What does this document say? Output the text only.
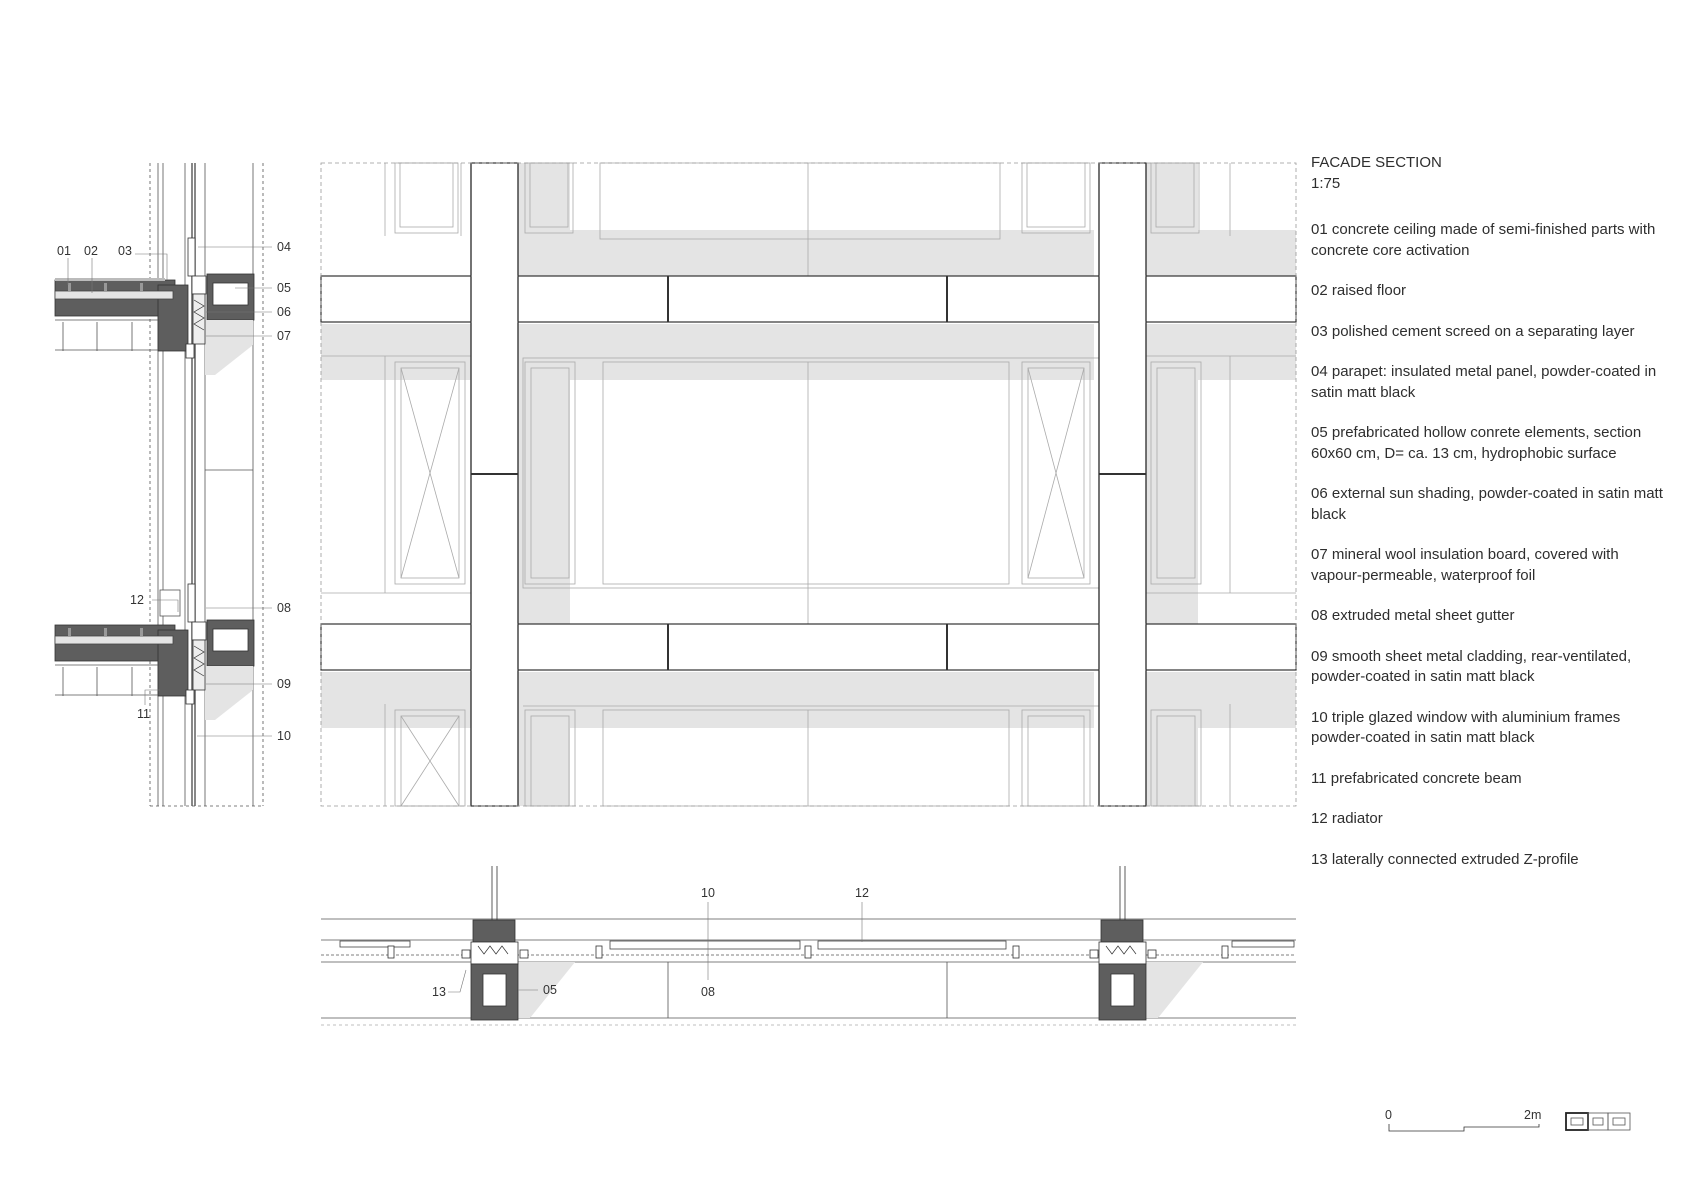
01 02 03	04
05
06
07
12
08
09
11
10
10	12
13	05	08
0	2m
FACADE SECTION
1:75
01 concrete ceiling made of semi-finished parts with concrete core activation
02 raised floor
03 polished cement screed on a separating layer
04 parapet: insulated metal panel, powder-coated in satin matt black
05 prefabricated hollow conrete elements, section 60x60 cm, D= ca. 13 cm, hydrophobic surface
06 external sun shading, powder-coated in satin matt black
07 mineral wool insulation board, covered with vapour-permeable, waterproof foil
08 extruded metal sheet gutter
09 smooth sheet metal cladding, rear-ventilated, powder-coated in satin matt black
10 triple glazed window with aluminium frames powder-coated in satin matt black
11 prefabricated concrete beam
12 radiator
13 laterally connected extruded Z-profile
